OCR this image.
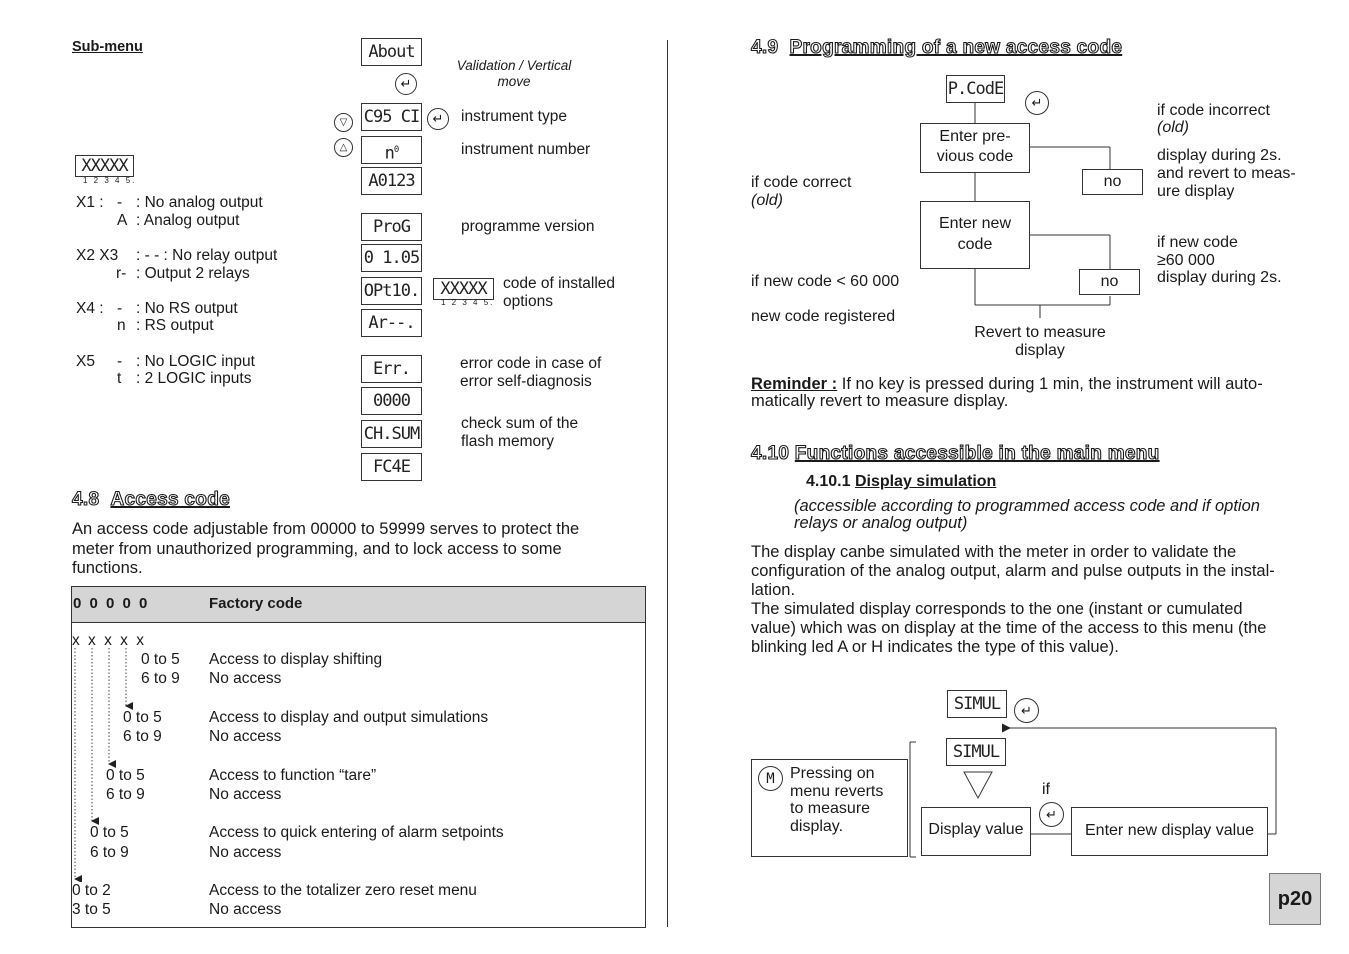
Sub-menu	About
↵
Validation / Vertical move
▽
△
C95 CI	↵	instrument type
$n^0$	instrument number
A0123
ProG	programme version
0 1.05
OPt10.	XXXXX
1 2 3 4 5.
code of installed
options
Ar--.
Err.	error code in case of
error self-diagnosis
0000
CH.SUM
check sum of the
flash memory
FC4E
XXXXX
1 2 3 4 5.
X1 : - : No analog output
A : Analog output
X2 X3 : - - : No relay output
r- : Output 2 relays
X4 : - : No RS output
n : RS output
X5 - : No LOGIC input
t : 2 LOGIC inputs
4.8 Access code
An access code adjustable from 00000 to 59999 serves to protect the
meter from unauthorized programming, and to lock access to some
functions.
0 0 0 0 0	Factory code
x x x x x
0 to 5 Access to display shifting
6 to 9 No access
0 to 5	Access to display and output simulations
6 to 9	No access
0 to 5	Access to function “tare”
6 to 9	No access
0 to 5	Access to quick entering of alarm setpoints
6 to 9	No access
0 to 2	Access to the totalizer zero reset menu
3 to 5	No access
4.9 Programming of a new access code
P.CodE
↵
Enter pre-
vious code
no
if code incorrect
(old)
display during 2s.
and revert to meas-
ure display
if code correct
(old)
Enter new
code	if new code
≥60 000
display during 2s.
no
if new code < 60 000
new code registered
Revert to measure
display
Reminder : If no key is pressed during 1 min, the instrument will auto-
matically revert to measure display.
4.10 Functions accessible in the main menu
4.10.1 Display simulation
(accessible according to programmed access code and if option
relays or analog output)
The display canbe simulated with the meter in order to validate the
configuration of the analog output, alarm and pulse outputs in the instal-
lation.
The simulated display corresponds to the one (instant or cumulated
value) which was on display at the time of the access to this menu (the
blinking led A or H indicates the type of this value).
SIMUL	↵
SIMUL
M Pressing on
menu reverts
to measure
display.	Display value
if
↵
Enter new display value
p20
